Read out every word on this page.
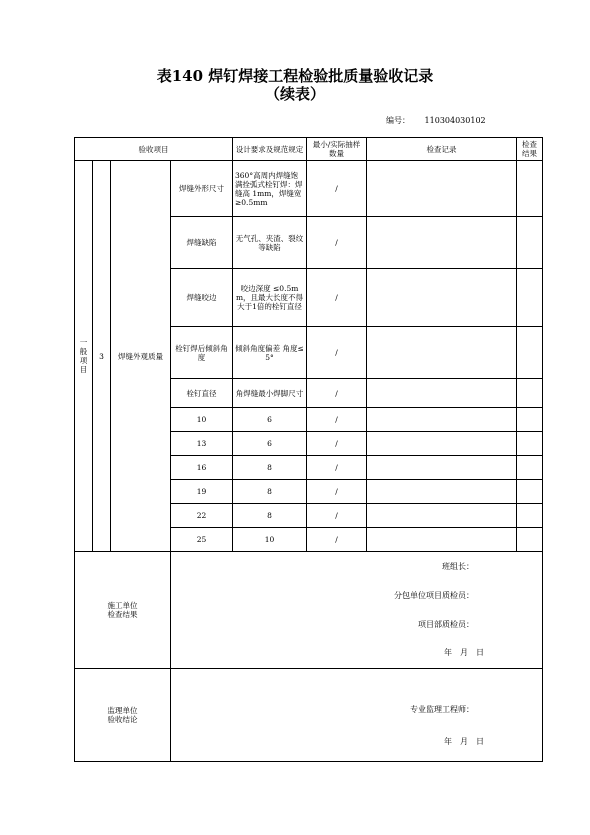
表140 焊钉焊接工程检验批质量验收记录
（续表）
编号： 110304030102
验收项目				设计要求及规范规定	最小/实际抽样数量	检查记录	检查结果
一
般
项
目	3	焊缝外观质量	焊缝外形尺寸	360°高周内焊缝饱满拴弧式栓钉焊：焊缝高 1mm，焊缝宽≥0.5mm	/		
			焊缝缺陷	无气孔、夹渣、裂纹等缺陷	/		
			焊缝咬边	咬边深度 ≤0.5mm，且最大长度不得大于1倍的栓钉直径	/		
			栓钉焊后倾斜角度	倾斜角度偏差 角度≤5°	/		
			栓钉直径	角焊缝最小焊脚尺寸	/		
			10	6	/		
			13	6	/		
			16	8	/		
			19	8	/		
			22	8	/		
			25	10	/		
施工单位
检查结果			班组长：
分包单位项目质检员：
项目部质检员：
年　月　日				

监理单位
验收结论			专业监理工程师：
年　月　日				
